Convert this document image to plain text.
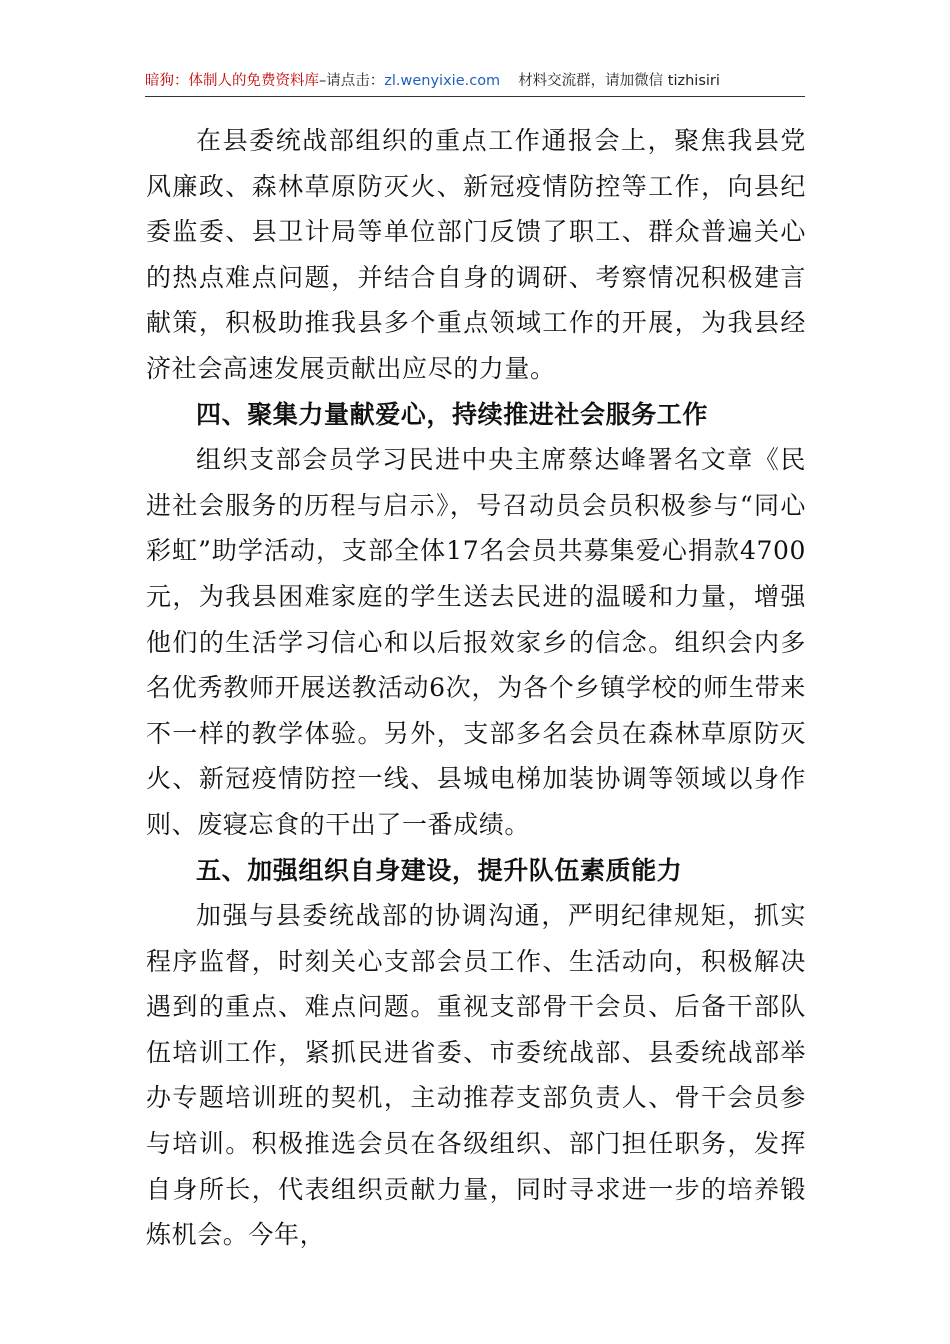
暗狗：体制人的免费资料库–请点击：zl.wenyixie.com 材料交流群，请加微信 tizhisiri

在县委统战部组织的重点工作通报会上，聚焦我县党风廉政、森林草原防灭火、新冠疫情防控等工作，向县纪委监委、县卫计局等单位部门反馈了职工、群众普遍关心的热点难点问题，并结合自身的调研、考察情况积极建言献策，积极助推我县多个重点领域工作的开展，为我县经济社会高速发展贡献出应尽的力量。

四、聚集力量献爱心，持续推进社会服务工作

组织支部会员学习民进中央主席蔡达峰署名文章《民进社会服务的历程与启示》，号召动员会员积极参与“同心彩虹”助学活动，支部全体17名会员共募集爱心捐款4700元，为我县困难家庭的学生送去民进的温暖和力量，增强他们的生活学习信心和以后报效家乡的信念。组织会内多名优秀教师开展送教活动6次，为各个乡镇学校的师生带来不一样的教学体验。另外，支部多名会员在森林草原防灭火、新冠疫情防控一线、县城电梯加装协调等领域以身作则、废寝忘食的干出了一番成绩。

五、加强组织自身建设，提升队伍素质能力

加强与县委统战部的协调沟通，严明纪律规矩，抓实程序监督，时刻关心支部会员工作、生活动向，积极解决遇到的重点、难点问题。重视支部骨干会员、后备干部队伍培训工作，紧抓民进省委、市委统战部、县委统战部举办专题培训班的契机，主动推荐支部负责人、骨干会员参与培训。积极推选会员在各级组织、部门担任职务，发挥自身所长，代表组织贡献力量，同时寻求进一步的培养锻炼机会。今年，
